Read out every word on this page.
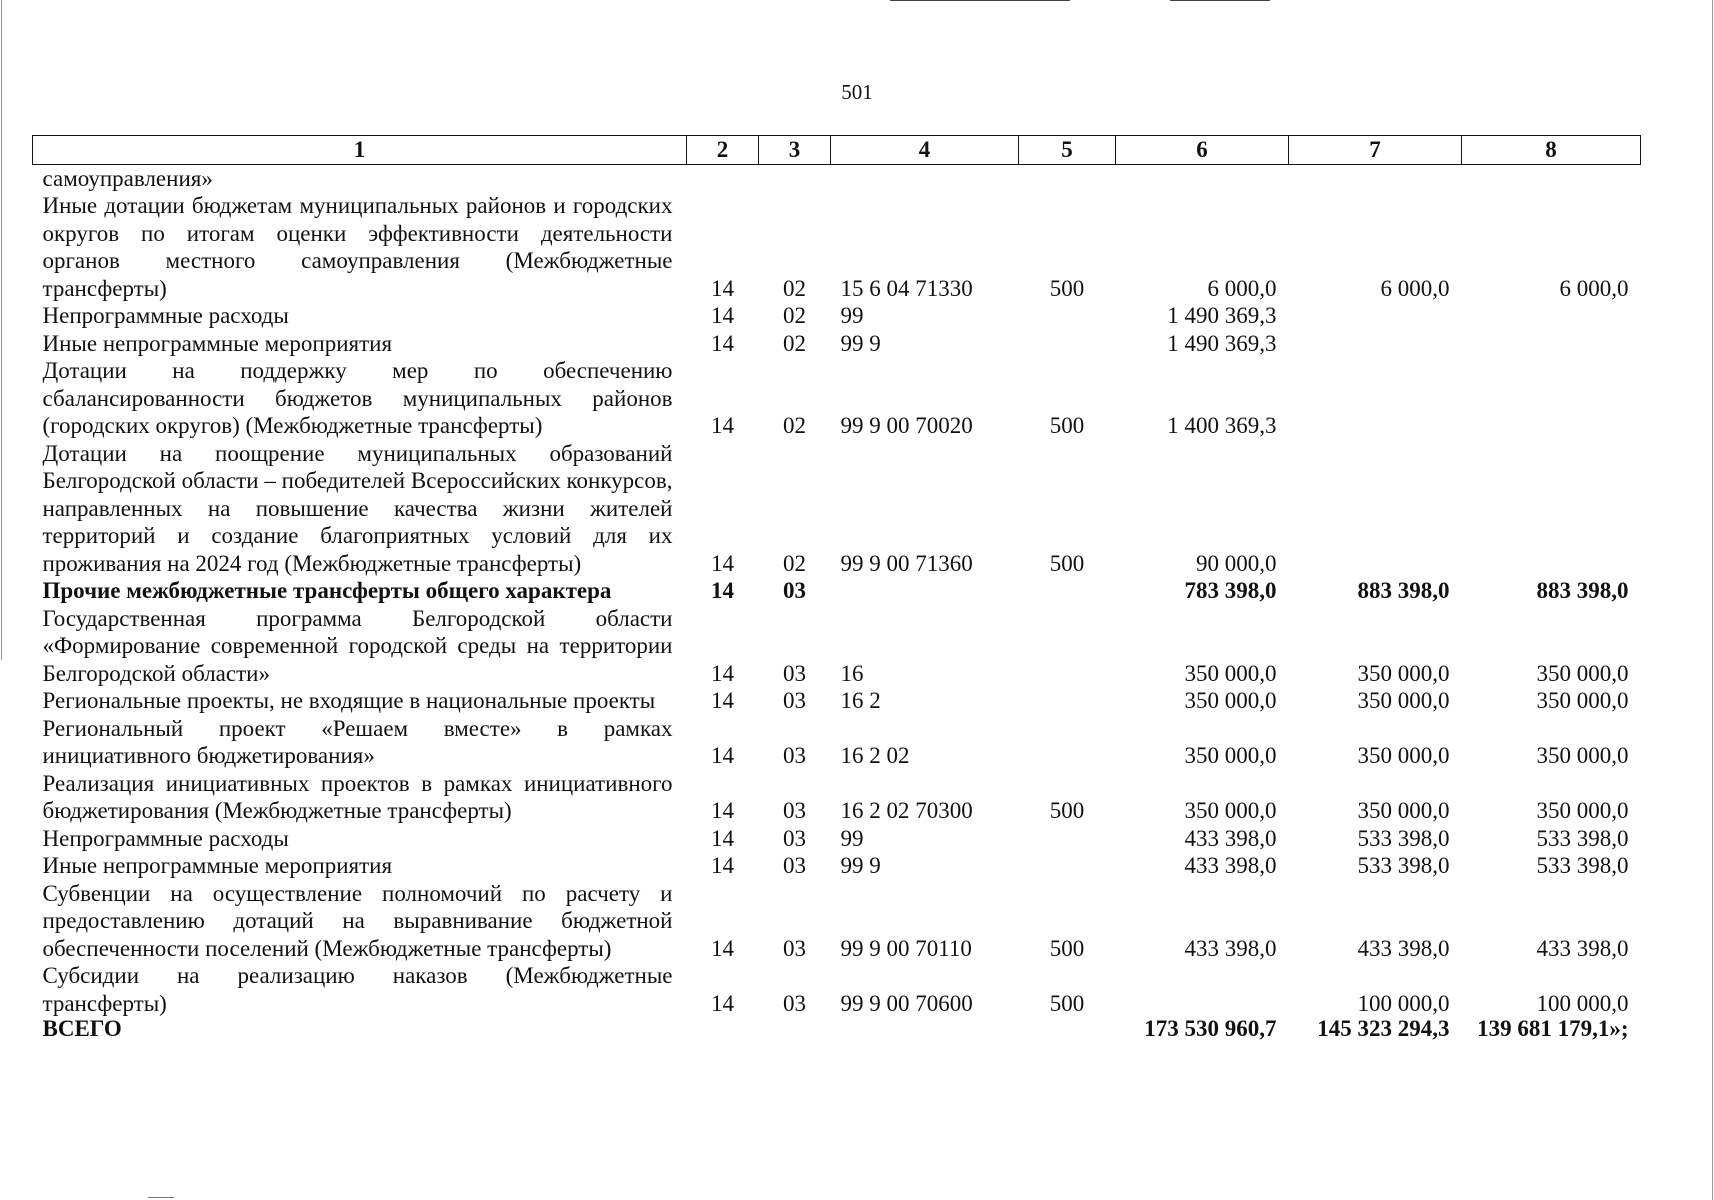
501
1	2	3	4	5	6	7	8
самоуправления»							
Иные дотации бюджетам муниципальных районов и городских округов по итогам оценки эффективности деятельности органов местного самоуправления (Межбюджетные трансферты)	14	02	15 6 04 71330	500	6 000,0	6 000,0	6 000,0
Непрограммные расходы	14	02	99		1 490 369,3		
Иные непрограммные мероприятия	14	02	99 9		1 490 369,3		
Дотации на поддержку мер по обеспечению сбалансированности бюджетов муниципальных районов (городских округов) (Межбюджетные трансферты)	14	02	99 9 00 70020	500	1 400 369,3		
Дотации на поощрение муниципальных образований Белгородской области – победителей Всероссийских конкурсов, направленных на повышение качества жизни жителей территорий и создание благоприятных условий для их проживания на 2024 год (Межбюджетные трансферты)	14	02	99 9 00 71360	500	90 000,0		
Прочие межбюджетные трансферты общего характера	14	03			783 398,0	883 398,0	883 398,0
Государственная программа Белгородской области «Формирование современной городской среды на территории Белгородской области»	14	03	16		350 000,0	350 000,0	350 000,0
Региональные проекты, не входящие в национальные проекты	14	03	16 2		350 000,0	350 000,0	350 000,0
Региональный проект «Решаем вместе» в рамках инициативного бюджетирования»	14	03	16 2 02		350 000,0	350 000,0	350 000,0
Реализация инициативных проектов в рамках инициативного бюджетирования (Межбюджетные трансферты)	14	03	16 2 02 70300	500	350 000,0	350 000,0	350 000,0
Непрограммные расходы	14	03	99		433 398,0	533 398,0	533 398,0
Иные непрограммные мероприятия	14	03	99 9		433 398,0	533 398,0	533 398,0
Субвенции на осуществление полномочий по расчету и предоставлению дотаций на выравнивание бюджетной обеспеченности поселений (Межбюджетные трансферты)	14	03	99 9 00 70110	500	433 398,0	433 398,0	433 398,0
Субсидии на реализацию наказов (Межбюджетные трансферты)	14	03	99 9 00 70600	500		100 000,0	100 000,0
ВСЕГО					173 530 960,7	145 323 294,3	139 681 179,1»;
